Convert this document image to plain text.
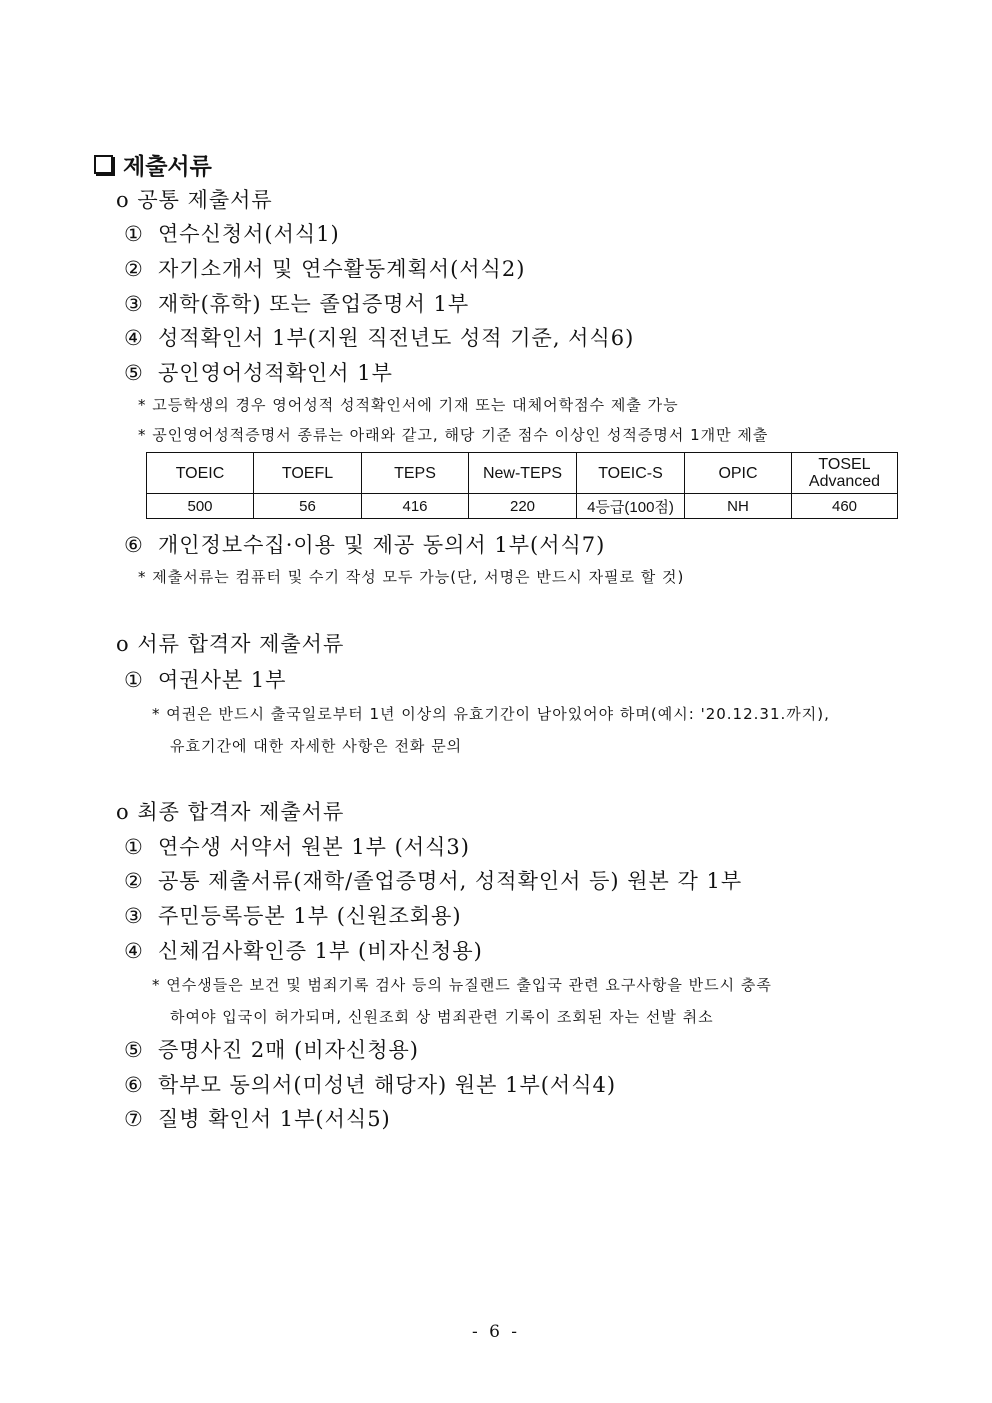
제출서류
o 공통 제출서류
① 연수신청서(서식1)
② 자기소개서 및 연수활동계획서(서식2)
③ 재학(휴학) 또는 졸업증명서 1부
④ 성적확인서 1부(지원 직전년도 성적 기준, 서식6)
⑤ 공인영어성적확인서 1부
* 고등학생의 경우 영어성적 성적확인서에 기재 또는 대체어학점수 제출 가능
* 공인영어성적증명서 종류는 아래와 같고, 해당 기준 점수 이상인 성적증명서 1개만 제출
TOEIC	TOEFL	TEPS	New-TEPS	TOEIC-S	OPIC	TOSEL
Advanced
500	56	416	220	4등급(100점)	NH	460
⑥ 개인정보수집·이용 및 제공 동의서 1부(서식7)
* 제출서류는 컴퓨터 및 수기 작성 모두 가능(단, 서명은 반드시 자필로 할 것)
o 서류 합격자 제출서류
① 여권사본 1부
* 여권은 반드시 출국일로부터 1년 이상의 유효기간이 남아있어야 하며(예시: '20.12.31.까지),
유효기간에 대한 자세한 사항은 전화 문의
o 최종 합격자 제출서류
① 연수생 서약서 원본 1부 (서식3)
② 공통 제출서류(재학/졸업증명서, 성적확인서 등) 원본 각 1부
③ 주민등록등본 1부 (신원조회용)
④ 신체검사확인증 1부 (비자신청용)
* 연수생들은 보건 및 범죄기록 검사 등의 뉴질랜드 출입국 관련 요구사항을 반드시 충족
하여야 입국이 허가되며, 신원조회 상 범죄관련 기록이 조회된 자는 선발 취소
⑤ 증명사진 2매 (비자신청용)
⑥ 학부모 동의서(미성년 해당자) 원본 1부(서식4)
⑦ 질병 확인서 1부(서식5)
- 6 -
